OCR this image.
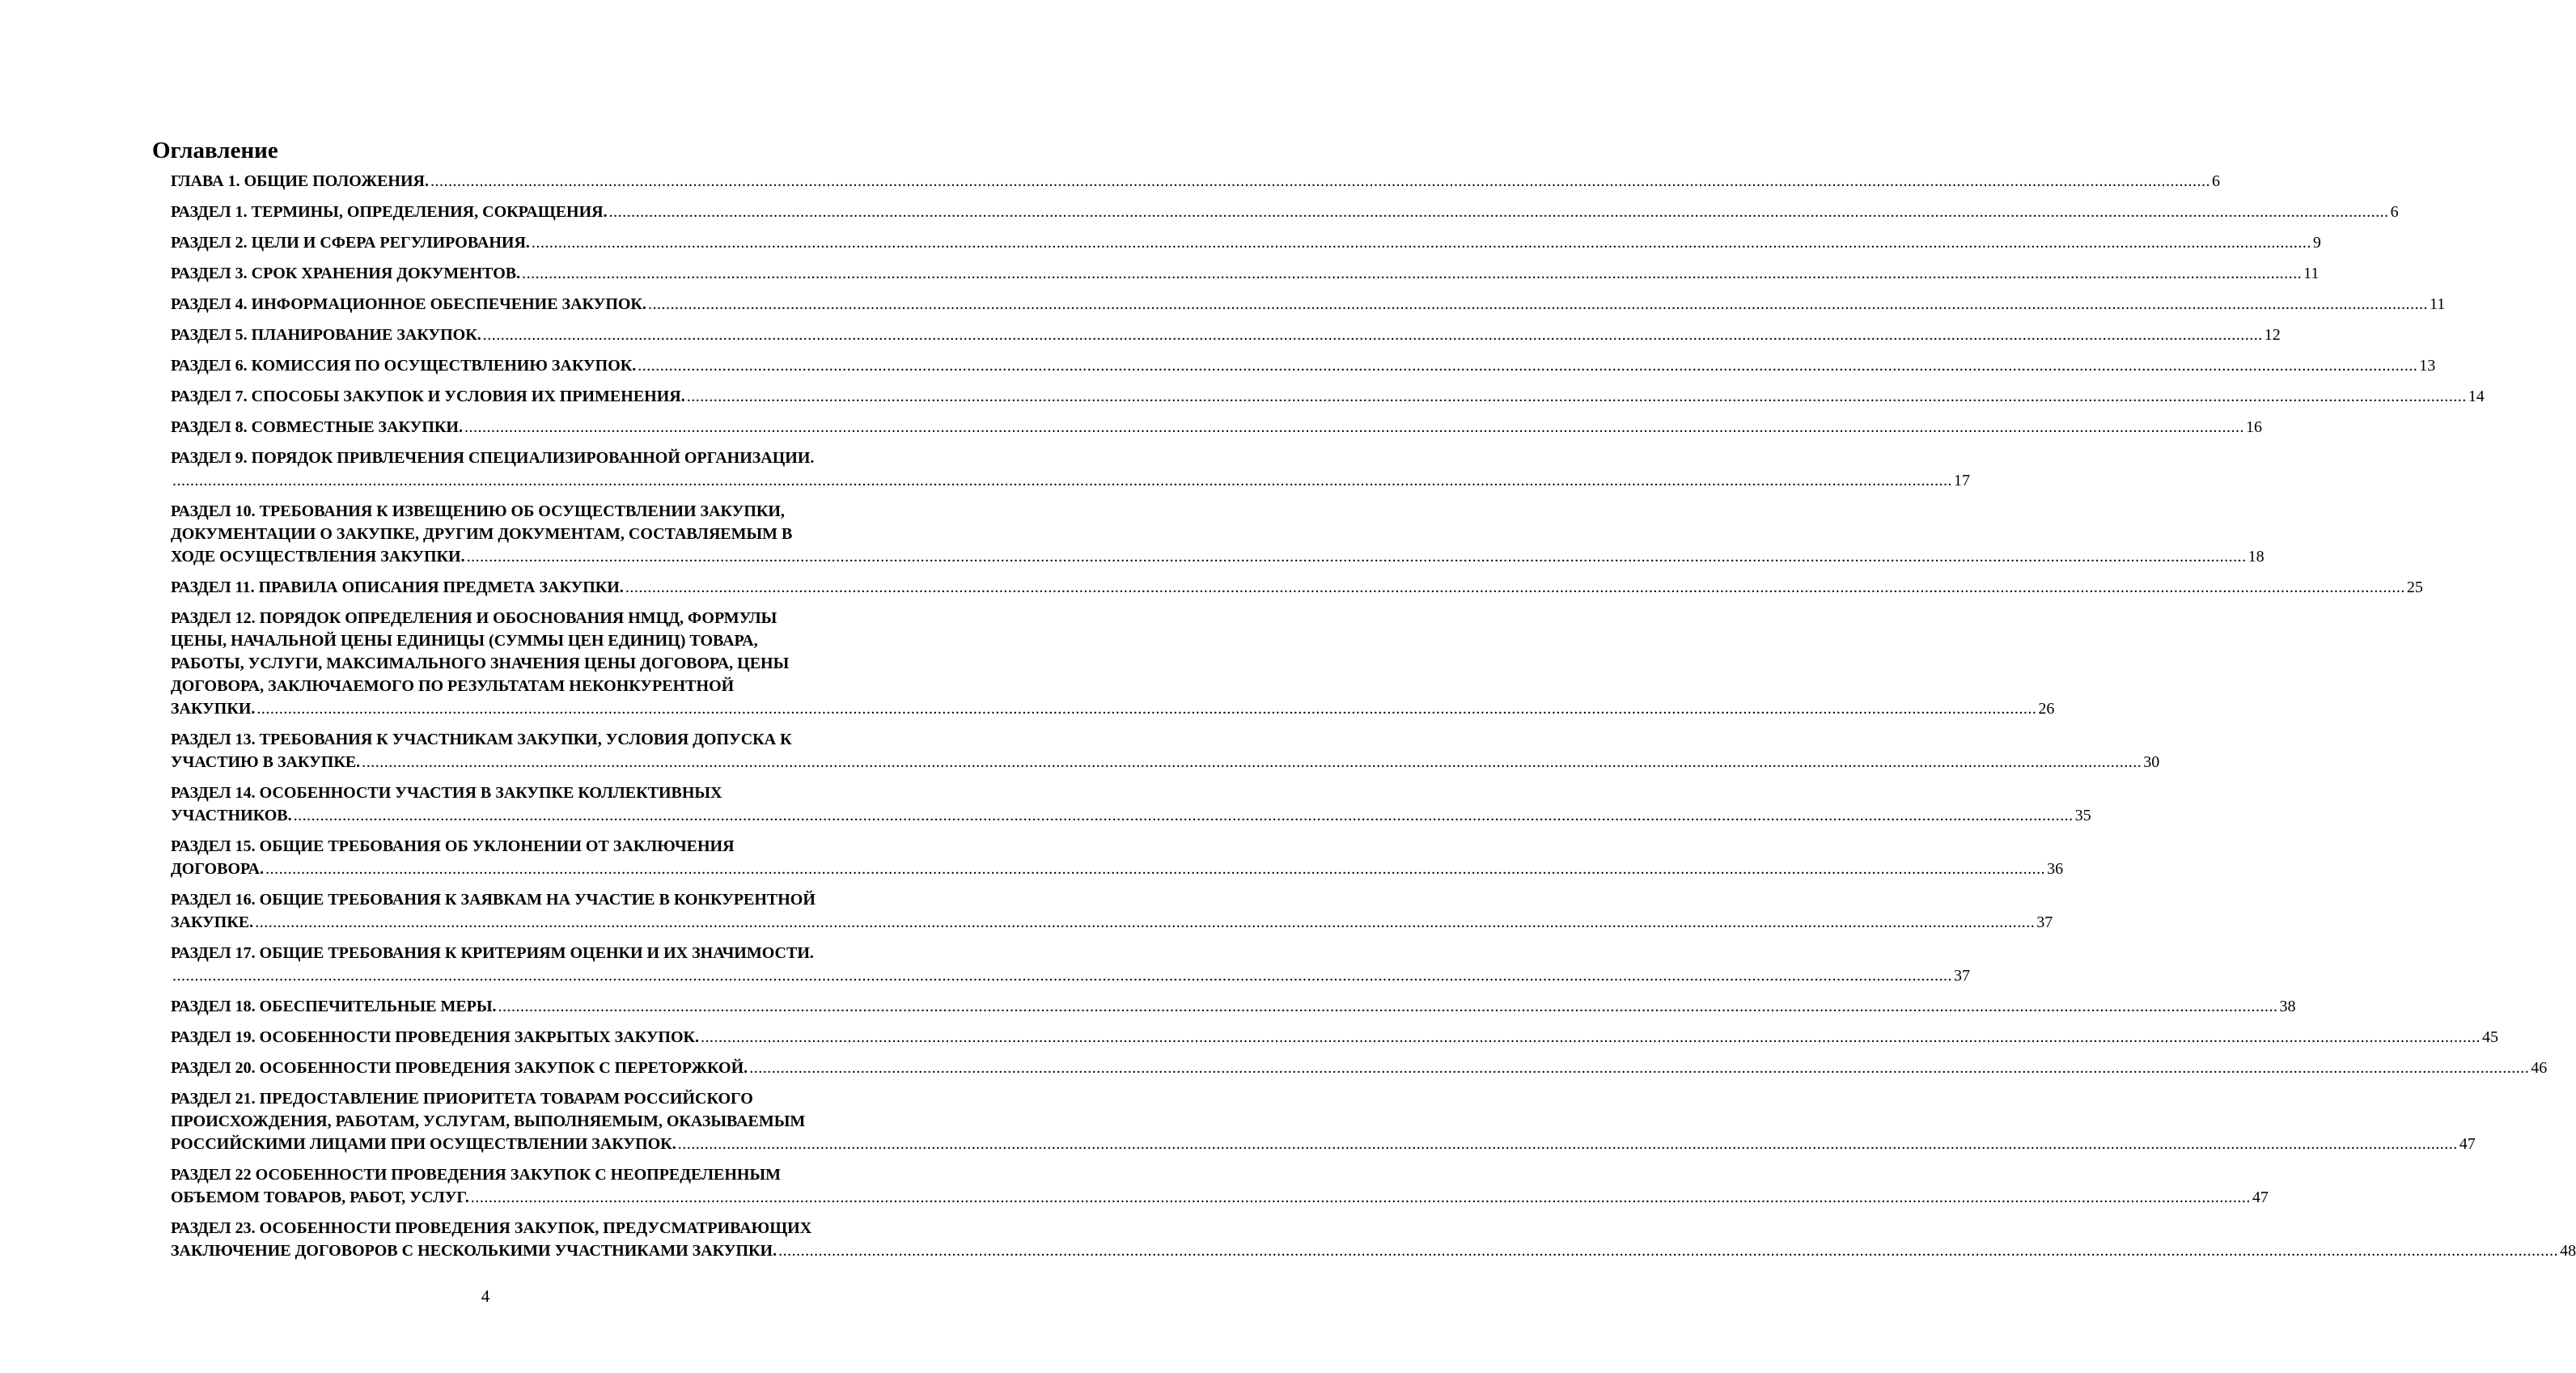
Оглавление
ГЛАВА 1. ОБЩИЕ ПОЛОЖЕНИЯ. ................................................................................................................................................................................................................................................................................................................................................................................................................ 6
РАЗДЕЛ 1. ТЕРМИНЫ, ОПРЕДЕЛЕНИЯ, СОКРАЩЕНИЯ. ................................................................................................................................................................................................................................................................................................................................................................................................................ 6
РАЗДЕЛ 2. ЦЕЛИ И СФЕРА РЕГУЛИРОВАНИЯ. ................................................................................................................................................................................................................................................................................................................................................................................................................ 9
РАЗДЕЛ 3. СРОК ХРАНЕНИЯ ДОКУМЕНТОВ. ................................................................................................................................................................................................................................................................................................................................................................................................................ 11
РАЗДЕЛ 4. ИНФОРМАЦИОННОЕ ОБЕСПЕЧЕНИЕ ЗАКУПОК. ................................................................................................................................................................................................................................................................................................................................................................................................................ 11
РАЗДЕЛ 5. ПЛАНИРОВАНИЕ ЗАКУПОК. ................................................................................................................................................................................................................................................................................................................................................................................................................ 12
РАЗДЕЛ 6. КОМИССИЯ ПО ОСУЩЕСТВЛЕНИЮ ЗАКУПОК. ................................................................................................................................................................................................................................................................................................................................................................................................................ 13
РАЗДЕЛ 7. СПОСОБЫ ЗАКУПОК И УСЛОВИЯ ИХ ПРИМЕНЕНИЯ. ................................................................................................................................................................................................................................................................................................................................................................................................................ 14
РАЗДЕЛ 8. СОВМЕСТНЫЕ ЗАКУПКИ. ................................................................................................................................................................................................................................................................................................................................................................................................................ 16
РАЗДЕЛ 9. ПОРЯДОК ПРИВЛЕЧЕНИЯ СПЕЦИАЛИЗИРОВАННОЙ ОРГАНИЗАЦИИ.
................................................................................................................................................................................................................................................................................................................................................................................................................ 17
РАЗДЕЛ 10. ТРЕБОВАНИЯ К ИЗВЕЩЕНИЮ ОБ ОСУЩЕСТВЛЕНИИ ЗАКУПКИ,
ДОКУМЕНТАЦИИ О ЗАКУПКЕ, ДРУГИМ ДОКУМЕНТАМ, СОСТАВЛЯЕМЫМ В
ХОДЕ ОСУЩЕСТВЛЕНИЯ ЗАКУПКИ. ................................................................................................................................................................................................................................................................................................................................................................................................................ 18
РАЗДЕЛ 11. ПРАВИЛА ОПИСАНИЯ ПРЕДМЕТА ЗАКУПКИ. ................................................................................................................................................................................................................................................................................................................................................................................................................ 25
РАЗДЕЛ 12. ПОРЯДОК ОПРЕДЕЛЕНИЯ И ОБОСНОВАНИЯ НМЦД, ФОРМУЛЫ
ЦЕНЫ, НАЧАЛЬНОЙ ЦЕНЫ ЕДИНИЦЫ (СУММЫ ЦЕН ЕДИНИЦ) ТОВАРА,
РАБОТЫ, УСЛУГИ, МАКСИМАЛЬНОГО ЗНАЧЕНИЯ ЦЕНЫ ДОГОВОРА, ЦЕНЫ
ДОГОВОРА, ЗАКЛЮЧАЕМОГО ПО РЕЗУЛЬТАТАМ НЕКОНКУРЕНТНОЙ
ЗАКУПКИ. ................................................................................................................................................................................................................................................................................................................................................................................................................ 26
РАЗДЕЛ 13. ТРЕБОВАНИЯ К УЧАСТНИКАМ ЗАКУПКИ, УСЛОВИЯ ДОПУСКА К
УЧАСТИЮ В ЗАКУПКЕ. ................................................................................................................................................................................................................................................................................................................................................................................................................ 30
РАЗДЕЛ 14. ОСОБЕННОСТИ УЧАСТИЯ В ЗАКУПКЕ КОЛЛЕКТИВНЫХ
УЧАСТНИКОВ. ................................................................................................................................................................................................................................................................................................................................................................................................................ 35
РАЗДЕЛ 15. ОБЩИЕ ТРЕБОВАНИЯ ОБ УКЛОНЕНИИ ОТ ЗАКЛЮЧЕНИЯ
ДОГОВОРА. ................................................................................................................................................................................................................................................................................................................................................................................................................ 36
РАЗДЕЛ 16. ОБЩИЕ ТРЕБОВАНИЯ К ЗАЯВКАМ НА УЧАСТИЕ В КОНКУРЕНТНОЙ
ЗАКУПКЕ. ................................................................................................................................................................................................................................................................................................................................................................................................................ 37
РАЗДЕЛ 17. ОБЩИЕ ТРЕБОВАНИЯ К КРИТЕРИЯМ ОЦЕНКИ И ИХ ЗНАЧИМОСТИ.
................................................................................................................................................................................................................................................................................................................................................................................................................ 37
РАЗДЕЛ 18. ОБЕСПЕЧИТЕЛЬНЫЕ МЕРЫ. ................................................................................................................................................................................................................................................................................................................................................................................................................ 38
РАЗДЕЛ 19. ОСОБЕННОСТИ ПРОВЕДЕНИЯ ЗАКРЫТЫХ ЗАКУПОК. ................................................................................................................................................................................................................................................................................................................................................................................................................ 45
РАЗДЕЛ 20. ОСОБЕННОСТИ ПРОВЕДЕНИЯ ЗАКУПОК С ПЕРЕТОРЖКОЙ. ................................................................................................................................................................................................................................................................................................................................................................................................................ 46
РАЗДЕЛ 21. ПРЕДОСТАВЛЕНИЕ ПРИОРИТЕТА ТОВАРАМ РОССИЙСКОГО
ПРОИСХОЖДЕНИЯ, РАБОТАМ, УСЛУГАМ, ВЫПОЛНЯЕМЫМ, ОКАЗЫВАЕМЫМ
РОССИЙСКИМИ ЛИЦАМИ ПРИ ОСУЩЕСТВЛЕНИИ ЗАКУПОК. ................................................................................................................................................................................................................................................................................................................................................................................................................ 47
РАЗДЕЛ 22 ОСОБЕННОСТИ ПРОВЕДЕНИЯ ЗАКУПОК С НЕОПРЕДЕЛЕННЫМ
ОБЪЕМОМ ТОВАРОВ, РАБОТ, УСЛУГ. ................................................................................................................................................................................................................................................................................................................................................................................................................ 47
РАЗДЕЛ 23. ОСОБЕННОСТИ ПРОВЕДЕНИЯ ЗАКУПОК, ПРЕДУСМАТРИВАЮЩИХ
ЗАКЛЮЧЕНИЕ ДОГОВОРОВ С НЕСКОЛЬКИМИ УЧАСТНИКАМИ ЗАКУПКИ. ................................................................................................................................................................................................................................................................................................................................................................................................................ 48
4
